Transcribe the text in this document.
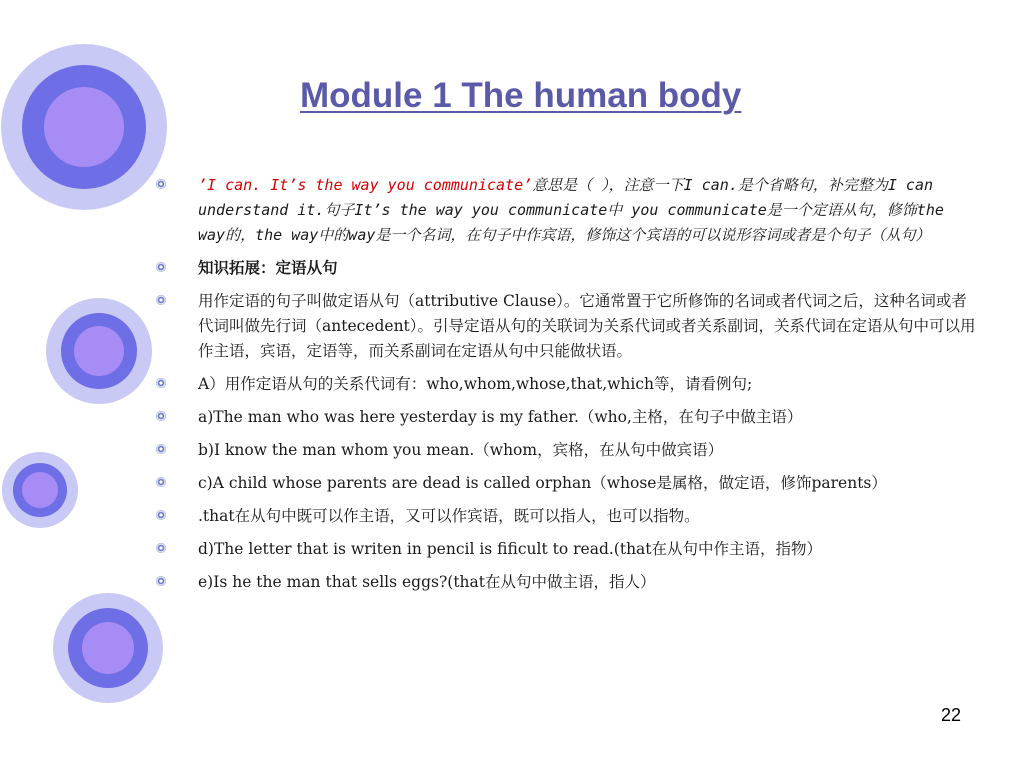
Module 1 The human body
’I can. It’s the way you communicate’意思是（ ），注意一下I can.是个省略句，补完整为I can understand it.句子It’s the way you communicate中 you communicate是一个定语从句，修饰the way的，the way中的way是一个名词，在句子中作宾语，修饰这个宾语的可以说形容词或者是个句子（从句）
知识拓展：定语从句
用作定语的句子叫做定语从句（attributive Clause）。它通常置于它所修饰的名词或者代词之后，这种名词或者代词叫做先行词（antecedent）。引导定语从句的关联词为关系代词或者关系副词，关系代词在定语从句中可以用作主语，宾语，定语等，而关系副词在定语从句中只能做状语。
A）用作定语从句的关系代词有：who,whom,whose,that,which等，请看例句;
a)The man who was here yesterday is my father.（who,主格，在句子中做主语）
b)I know the man whom you mean.（whom，宾格，在从句中做宾语）
c)A child whose parents are dead is called orphan（whose是属格，做定语，修饰parents）
.that在从句中既可以作主语，又可以作宾语，既可以指人，也可以指物。
d)The letter that is writen in pencil is fificult to read.(that在从句中作主语，指物）
e)Is he the man that sells eggs?(that在从句中做主语，指人）
22
